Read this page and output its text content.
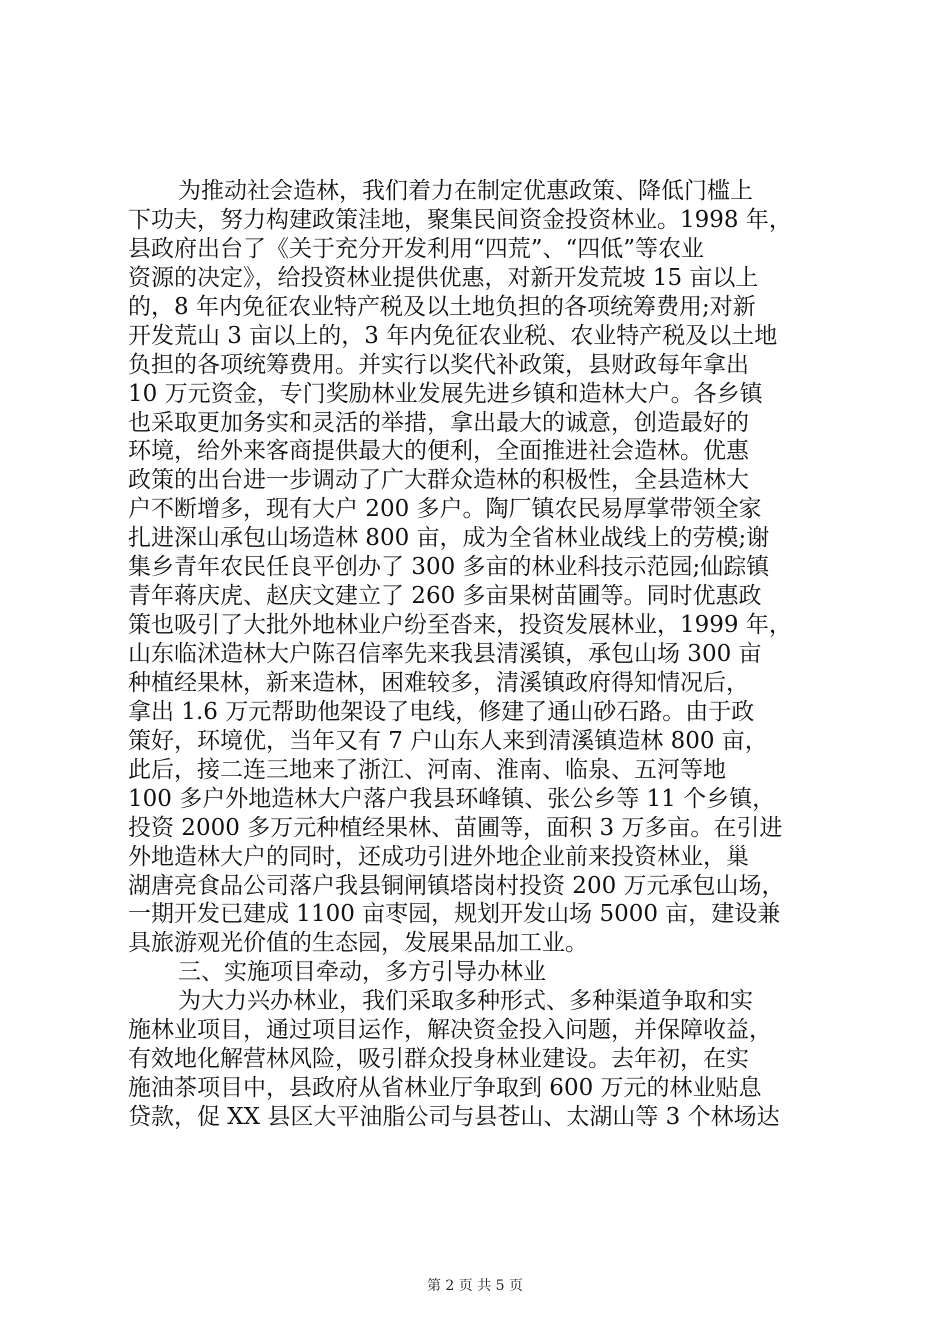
为推动社会造林，我们着力在制定优惠政策、降低门槛上
下功夫，努力构建政策洼地，聚集民间资金投资林业。1998 年，
县政府出台了《关于充分开发利用“四荒”、“四低”等农业
资源的决定》，给投资林业提供优惠，对新开发荒坡 15 亩以上
的，8 年内免征农业特产税及以土地负担的各项统筹费用;对新
开发荒山 3 亩以上的，3 年内免征农业税、农业特产税及以土地
负担的各项统筹费用。并实行以奖代补政策，县财政每年拿出
10 万元资金，专门奖励林业发展先进乡镇和造林大户。各乡镇
也采取更加务实和灵活的举措，拿出最大的诚意，创造最好的
环境，给外来客商提供最大的便利，全面推进社会造林。优惠
政策的出台进一步调动了广大群众造林的积极性，全县造林大
户不断增多，现有大户 200 多户。陶厂镇农民易厚掌带领全家
扎进深山承包山场造林 800 亩，成为全省林业战线上的劳模;谢
集乡青年农民任良平创办了 300 多亩的林业科技示范园;仙踪镇
青年蒋庆虎、赵庆文建立了 260 多亩果树苗圃等。同时优惠政
策也吸引了大批外地林业户纷至沓来，投资发展林业，1999 年，
山东临沭造林大户陈召信率先来我县清溪镇，承包山场 300 亩
种植经果林，新来造林，困难较多，清溪镇政府得知情况后，
拿出 1.6 万元帮助他架设了电线，修建了通山砂石路。由于政
策好，环境优，当年又有 7 户山东人来到清溪镇造林 800 亩，
此后，接二连三地来了浙江、河南、淮南、临泉、五河等地
100 多户外地造林大户落户我县环峰镇、张公乡等 11 个乡镇，
投资 2000 多万元种植经果林、苗圃等，面积 3 万多亩。在引进
外地造林大户的同时，还成功引进外地企业前来投资林业，巢
湖唐亮食品公司落户我县铜闸镇塔岗村投资 200 万元承包山场，
一期开发已建成 1100 亩枣园，规划开发山场 5000 亩，建设兼
具旅游观光价值的生态园，发展果品加工业。
三、实施项目牵动，多方引导办林业
为大力兴办林业，我们采取多种形式、多种渠道争取和实
施林业项目，通过项目运作，解决资金投入问题，并保障收益，
有效地化解营林风险，吸引群众投身林业建设。去年初，在实
施油茶项目中，县政府从省林业厅争取到 600 万元的林业贴息
贷款，促 XX 县区大平油脂公司与县苍山、太湖山等 3 个林场达
第 2 页 共 5 页
